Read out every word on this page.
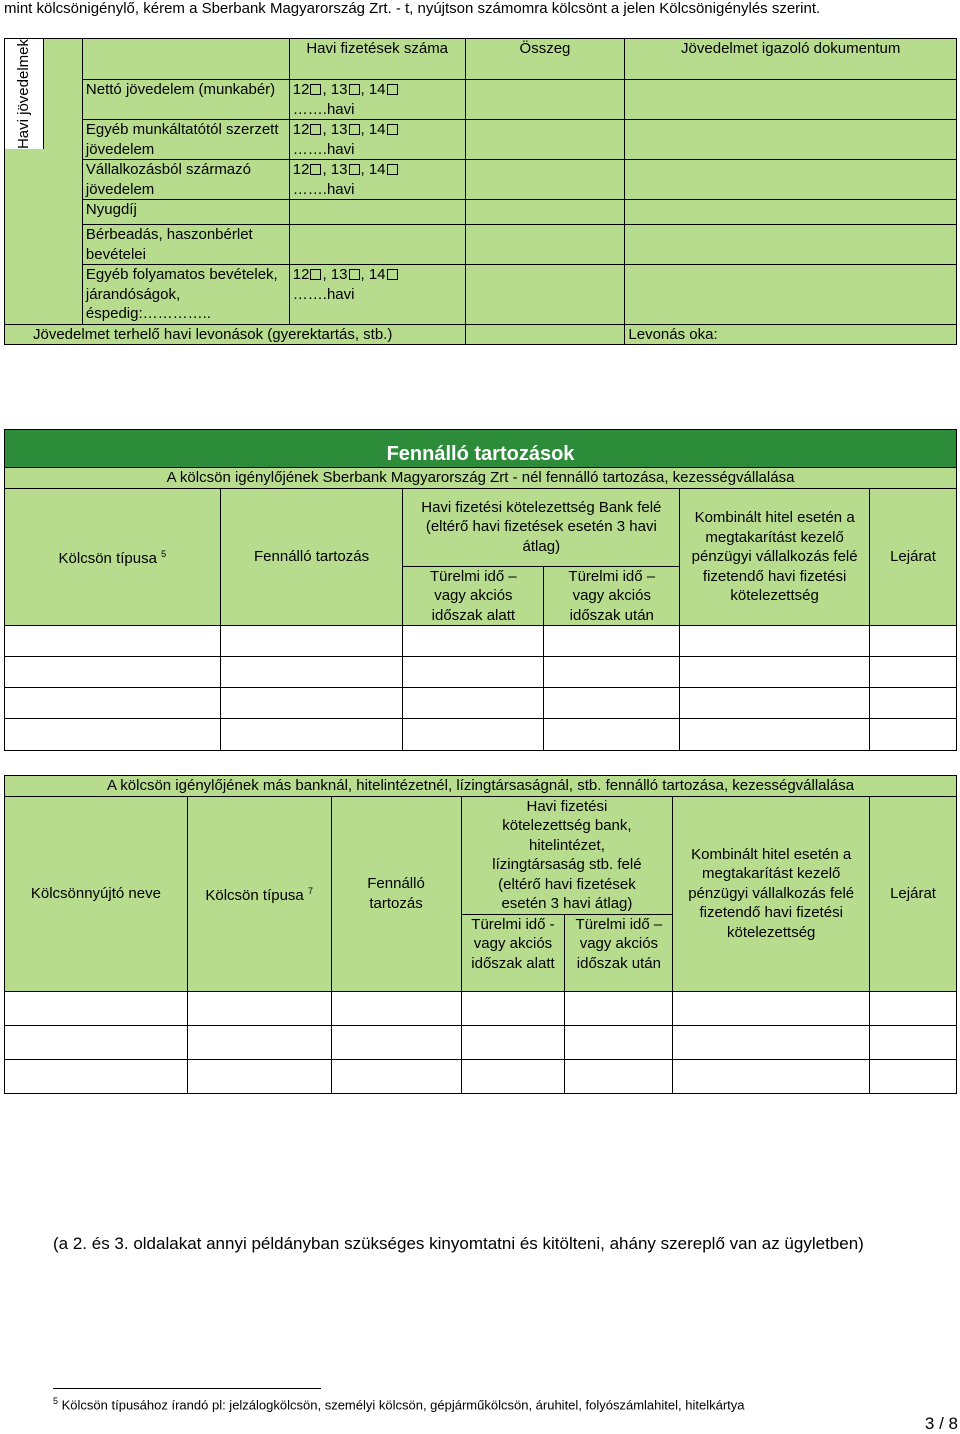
mint kölcsönigénylő, kérem a Sberbank Magyarország Zrt. - t, nyújtson számomra kölcsönt a jelen Kölcsönigénylés szerint.
Havi jövedelmek		Havi fizetések száma	Összeg	Jövedelmet igazoló dokumentum
	Nettó jövedelem (munkabér)	12 , 13 , 14
…….havi		
	Egyéb munkáltatótól szerzett jövedelem	12 , 13 , 14
…….havi		
	Vállalkozásból származó jövedelem	12 , 13 , 14
…….havi		
	Nyugdíj			
	Bérbeadás, haszonbérlet bevételei			
	Egyéb folyamatos bevételek, járandóságok, éspedig:…………..	12 , 13 , 14
…….havi		
Jövedelmet terhelő havi levonások (gyerektartás, stb.)				Levonás oka:
Fennálló tartozások					
A kölcsön igénylőjének Sberbank Magyarország Zrt - nél fennálló tartozása, kezességvállalása					
Kölcsön típusa $^5$	Fennálló tartozás	Havi fizetési kötelezettség Bank felé (eltérő havi fizetések esetén 3 havi átlag)		Kombinált hitel esetén a megtakarítást kezelő pénzügyi vállalkozás felé fizetendő havi fizetési kötelezettség	Lejárat
		Türelmi idő – vagy akciós időszak alatt	Türelmi idő – vagy akciós időszak után		

A kölcsön igénylőjének más banknál, hitelintézetnél, lízingtársaságnál, stb. fennálló tartozása, kezességvállalása						
Kölcsönnyújtó neve	Kölcsön típusa $^7$	Fennálló tartozás	Havi fizetési kötelezettség bank, hitelintézet, lízingtársaság stb. felé (eltérő havi fizetések esetén 3 havi átlag)		Kombinált hitel esetén a megtakarítást kezelő pénzügyi vállalkozás felé fizetendő havi fizetési kötelezettség	Lejárat
			Türelmi idő - vagy akciós időszak alatt	Türelmi idő – vagy akciós időszak után		

(a 2. és 3. oldalakat annyi példányban szükséges kinyomtatni és kitölteni, ahány szereplő van az ügyletben)
$^5$ Kölcsön típusához írandó pl: jelzálogkölcsön, személyi kölcsön, gépjárműkölcsön, áruhitel, folyószámlahitel, hitelkártya
3 / 8
